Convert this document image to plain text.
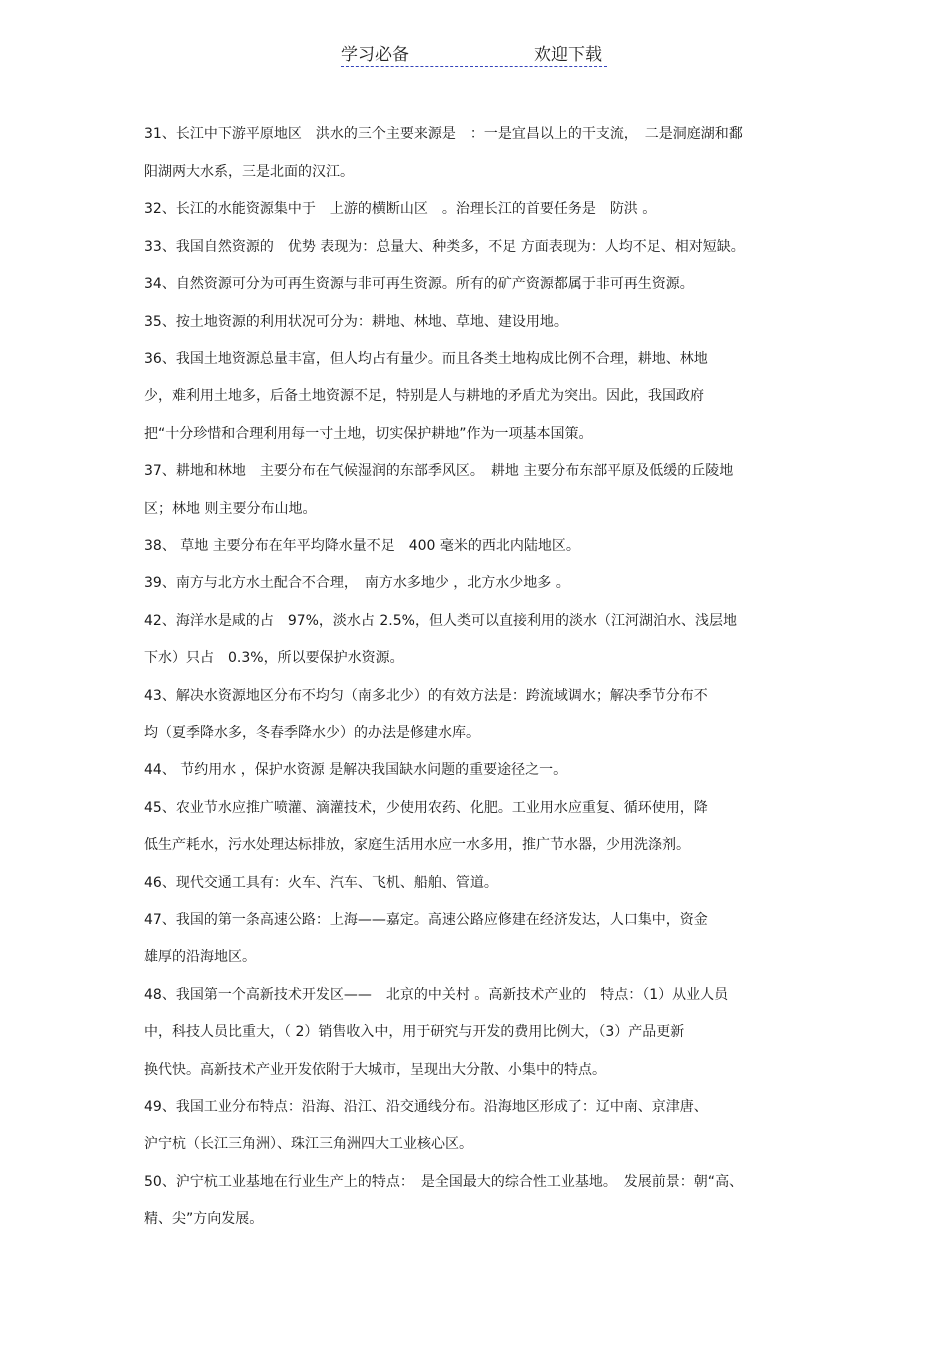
学习必备	欢迎下载
31、长江中下游平原地区　洪水的三个主要来源是　：一是宜昌以上的干支流，　二是洞庭湖和鄱
阳湖两大水系，三是北面的汉江。
32、长江的水能资源集中于　上游的横断山区　。治理长江的首要任务是　防洪 。
33、我国自然资源的　优势 表现为：总量大、种类多，不足 方面表现为：人均不足、相对短缺。
34、自然资源可分为可再生资源与非可再生资源。所有的矿产资源都属于非可再生资源。
35、按土地资源的利用状况可分为：耕地、林地、草地、建设用地。
36、我国土地资源总量丰富，但人均占有量少。而且各类土地构成比例不合理，耕地、林地
少，难利用土地多，后备土地资源不足，特别是人与耕地的矛盾尤为突出。因此，我国政府
把“十分珍惜和合理利用每一寸土地，切实保护耕地”作为一项基本国策。
37、耕地和林地　主要分布在气候湿润的东部季风区。　耕地 主要分布东部平原及低缓的丘陵地
区；林地 则主要分布山地。
38、 草地 主要分布在年平均降水量不足　400 毫米的西北内陆地区。
39、南方与北方水土配合不合理，　南方水多地少 ，北方水少地多 。
42、海洋水是咸的占　97%，淡水占 2.5%，但人类可以直接利用的淡水（江河湖泊水、浅层地
下水）只占　0.3%，所以要保护水资源。
43、解决水资源地区分布不均匀（南多北少）的有效方法是：跨流域调水；解决季节分布不
均（夏季降水多，冬春季降水少）的办法是修建水库。
44、 节约用水 ，保护水资源 是解决我国缺水问题的重要途径之一。
45、农业节水应推广喷灌、滴灌技术，少使用农药、化肥。工业用水应重复、循环使用，降
低生产耗水，污水处理达标排放，家庭生活用水应一水多用，推广节水器，少用洗涤剂。
46、现代交通工具有：火车、汽车、飞机、船舶、管道。
47、我国的第一条高速公路：上海——嘉定。高速公路应修建在经济发达，人口集中，资金
雄厚的沿海地区。
48、我国第一个高新技术开发区——　北京的中关村 。高新技术产业的　特点：（1）从业人员
中，科技人员比重大，（ 2）销售收入中，用于研究与开发的费用比例大，（3）产品更新
换代快。高新技术产业开发依附于大城市，呈现出大分散、小集中的特点。
49、我国工业分布特点：沿海、沿江、沿交通线分布。沿海地区形成了：辽中南、京津唐、
沪宁杭（长江三角洲）、珠江三角洲四大工业核心区。
50、沪宁杭工业基地在行业生产上的特点：　是全国最大的综合性工业基地。　发展前景：朝“高、
精、尖”方向发展。
